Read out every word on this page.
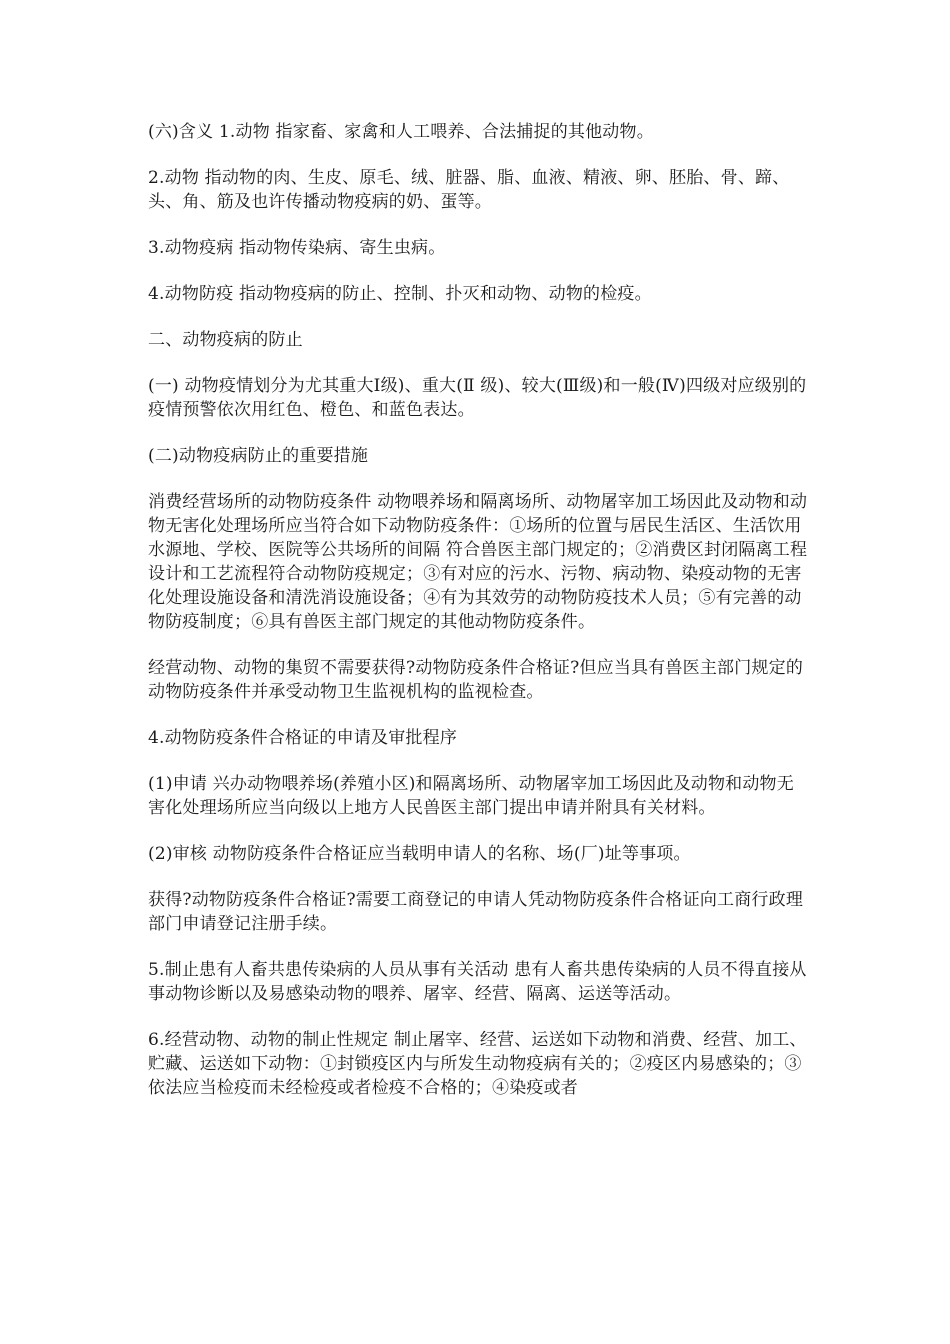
(六)含义 1.动物 指家畜、家禽和人工喂养、合法捕捉的其他动物。

2.动物 指动物的肉、生皮、原毛、绒、脏器、脂、血液、精液、卵、胚胎、骨、蹄、头、角、筋及也许传播动物疫病的奶、蛋等。

3.动物疫病 指动物传染病、寄生虫病。

4.动物防疫 指动物疫病的防止、控制、扑灭和动物、动物的检疫。

二、动物疫病的防止

(一) 动物疫情划分为尤其重大Ⅰ级)、重大(Ⅱ 级)、较大(Ⅲ级)和一般(Ⅳ)四级对应级别的疫情预警依次用红色、橙色、和蓝色表达。

(二)动物疫病防止的重要措施

消费经营场所的动物防疫条件 动物喂养场和隔离场所、动物屠宰加工场因此及动物和动物无害化处理场所应当符合如下动物防疫条件：①场所的位置与居民生活区、生活饮用水源地、学校、医院等公共场所的间隔 符合兽医主部门规定的；②消费区封闭隔离工程设计和工艺流程符合动物防疫规定；③有对应的污水、污物、病动物、染疫动物的无害化处理设施设备和清洗消设施设备；④有为其效劳的动物防疫技术人员；⑤有完善的动物防疫制度；⑥具有兽医主部门规定的其他动物防疫条件。

经营动物、动物的集贸不需要获得?动物防疫条件合格证?但应当具有兽医主部门规定的动物防疫条件并承受动物卫生监视机构的监视检查。

4.动物防疫条件合格证的申请及审批程序

(1)申请 兴办动物喂养场(养殖小区)和隔离场所、动物屠宰加工场因此及动物和动物无害化处理场所应当向级以上地方人民兽医主部门提出申请并附具有关材料。

(2)审核 动物防疫条件合格证应当载明申请人的名称、场(厂)址等事项。

获得?动物防疫条件合格证?需要工商登记的申请人凭动物防疫条件合格证向工商行政理部门申请登记注册手续。

5.制止患有人畜共患传染病的人员从事有关活动 患有人畜共患传染病的人员不得直接从事动物诊断以及易感染动物的喂养、屠宰、经营、隔离、运送等活动。

6.经营动物、动物的制止性规定 制止屠宰、经营、运送如下动物和消费、经营、加工、贮藏、运送如下动物：①封锁疫区内与所发生动物疫病有关的；②疫区内易感染的；③依法应当检疫而未经检疫或者检疫不合格的；④染疫或者
